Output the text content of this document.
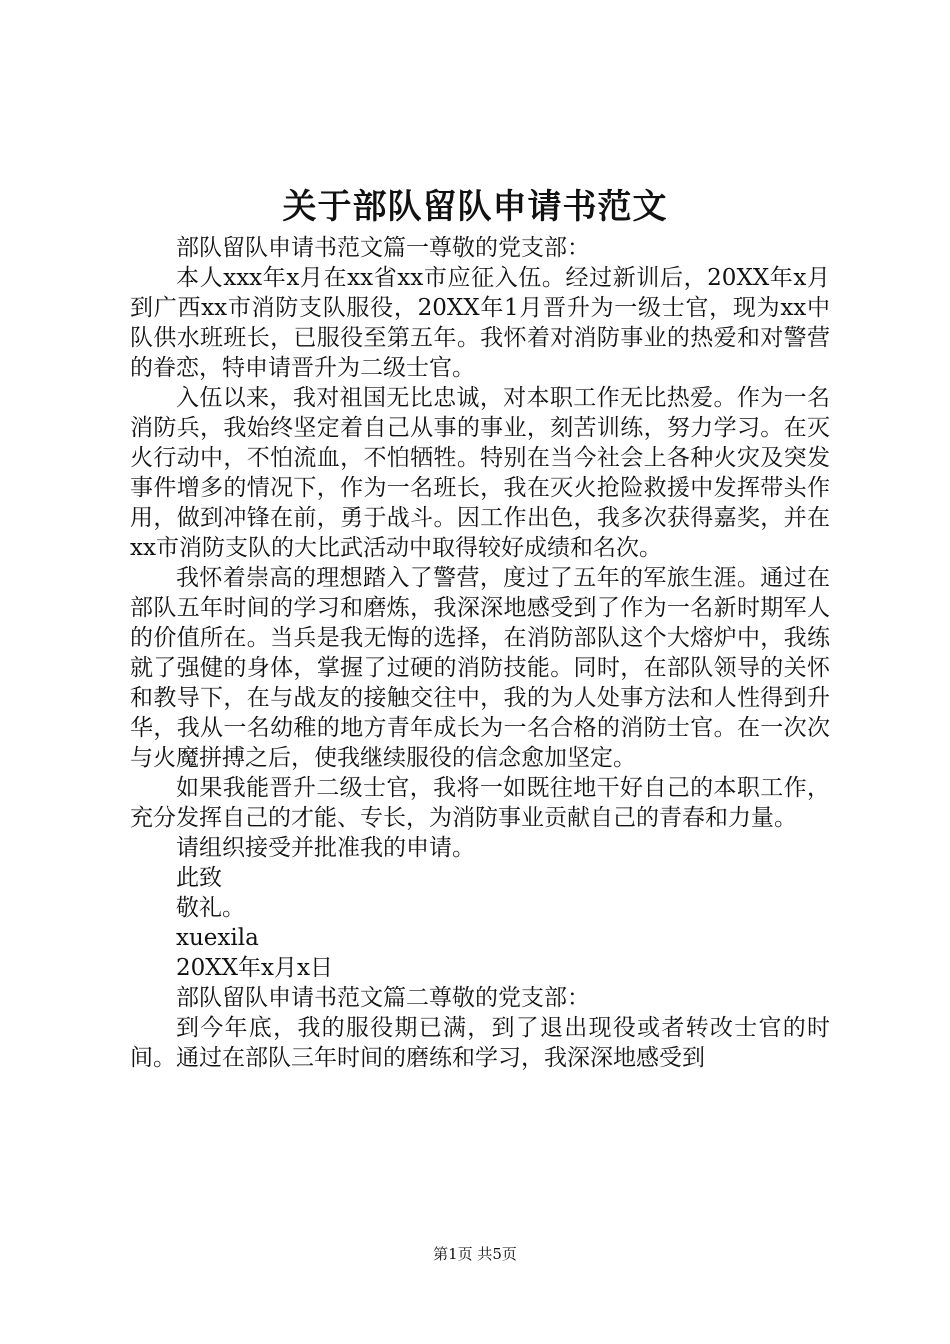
关于部队留队申请书范文

部队留队申请书范文篇一尊敬的党支部：

本人xxx年x月在xx省xx市应征入伍。经过新训后，20XX年x月到广西xx市消防支队服役，20XX年1月晋升为一级士官，现为xx中队供水班班长，已服役至第五年。我怀着对消防事业的热爱和对警营的眷恋，特申请晋升为二级士官。

入伍以来，我对祖国无比忠诚，对本职工作无比热爱。作为一名消防兵，我始终坚定着自己从事的事业，刻苦训练，努力学习。在灭火行动中，不怕流血，不怕牺牲。特别在当今社会上各种火灾及突发事件增多的情况下，作为一名班长，我在灭火抢险救援中发挥带头作用，做到冲锋在前，勇于战斗。因工作出色，我多次获得嘉奖，并在xx市消防支队的大比武活动中取得较好成绩和名次。

我怀着崇高的理想踏入了警营，度过了五年的军旅生涯。通过在部队五年时间的学习和磨炼，我深深地感受到了作为一名新时期军人的价值所在。当兵是我无悔的选择，在消防部队这个大熔炉中，我练就了强健的身体，掌握了过硬的消防技能。同时，在部队领导的关怀和教导下，在与战友的接触交往中，我的为人处事方法和人性得到升华，我从一名幼稚的地方青年成长为一名合格的消防士官。在一次次与火魔拼搏之后，使我继续服役的信念愈加坚定。

如果我能晋升二级士官，我将一如既往地干好自己的本职工作，充分发挥自己的才能、专长，为消防事业贡献自己的青春和力量。

请组织接受并批准我的申请。

此致

敬礼。

xuexila

20XX年x月x日

部队留队申请书范文篇二尊敬的党支部：

到今年底，我的服役期已满，到了退出现役或者转改士官的时间。通过在部队三年时间的磨练和学习，我深深地感受到

第1页 共5页
